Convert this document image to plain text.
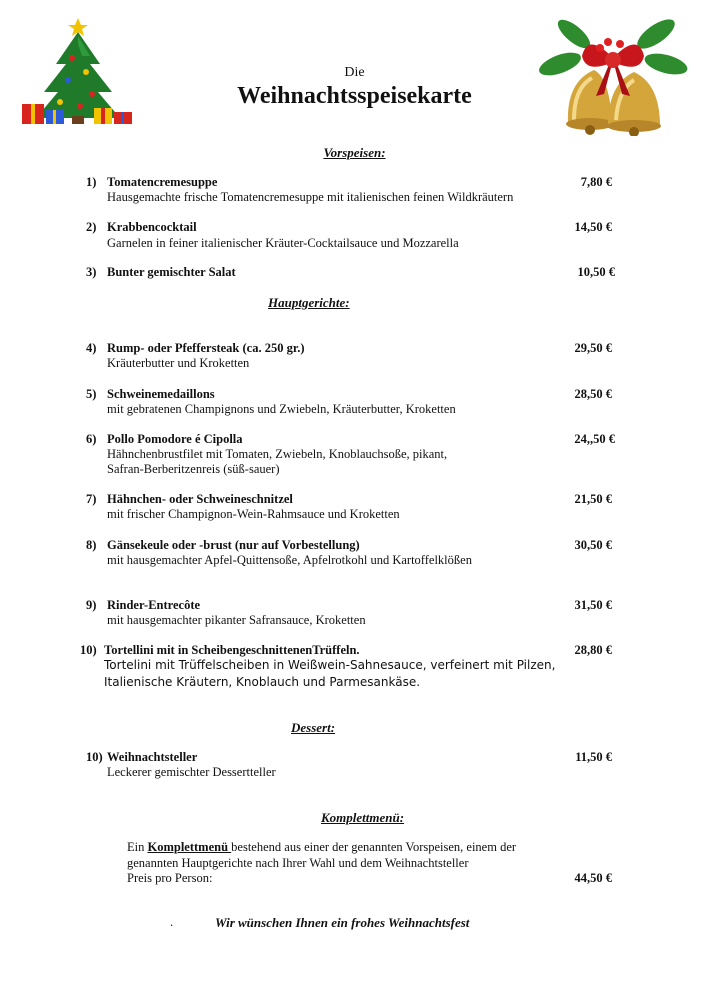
Die
Weihnachtsspeisekarte
Vorspeisen:
1) Tomatencremesuppe
Hausgemachte frische Tomatencremesuppe mit italienischen feinen Wildkräutern
7,80 €
2) Krabbencocktail
Garnelen in feiner italienischer Kräuter-Cocktailsauce und Mozzarella
14,50 €
3) Bunter gemischter Salat	10,50 €
Hauptgerichte:
4) Rump- oder Pfeffersteak (ca. 250 gr.)
Kräuterbutter und Kroketten
29,50 €
5) Schweinemedaillons
mit gebratenen Champignons und Zwiebeln, Kräuterbutter, Kroketten
28,50 €
6) Pollo Pomodore é Cipolla
Hähnchenbrustfilet mit Tomaten, Zwiebeln, Knoblauchsoße, pikant,
Safran-Berberitzenreis (süß-sauer)
24,,50 €
7) Hähnchen- oder Schweineschnitzel
mit frischer Champignon-Wein-Rahmsauce und Kroketten
21,50 €
8) Gänsekeule oder -brust (nur auf Vorbestellung)
mit hausgemachter Apfel-Quittensoße, Apfelrotkohl und Kartoffelklößen
30,50 €
9) Rinder-Entrecôte
mit hausgemachter pikanter Safransauce, Kroketten
31,50 €
10) Tortellini mit in ScheibengeschnittenenTrüffeln.
Tortelini mit Trüffelscheiben in Weißwein-Sahnesauce, verfeinert mit Pilzen,
Italienische Kräutern, Knoblauch und Parmesankäse.
28,80 €
Dessert:
10) Weihnachtsteller
Leckerer gemischter Dessertteller
11,50 €
Komplettmenü:
Ein Komplettmenü bestehend aus einer der genannten Vorspeisen, einem der
genannten Hauptgerichte nach Ihrer Wahl und dem Weihnachtsteller
Preis pro Person:	44,50 €
.	Wir wünschen Ihnen ein frohes Weihnachtsfest
